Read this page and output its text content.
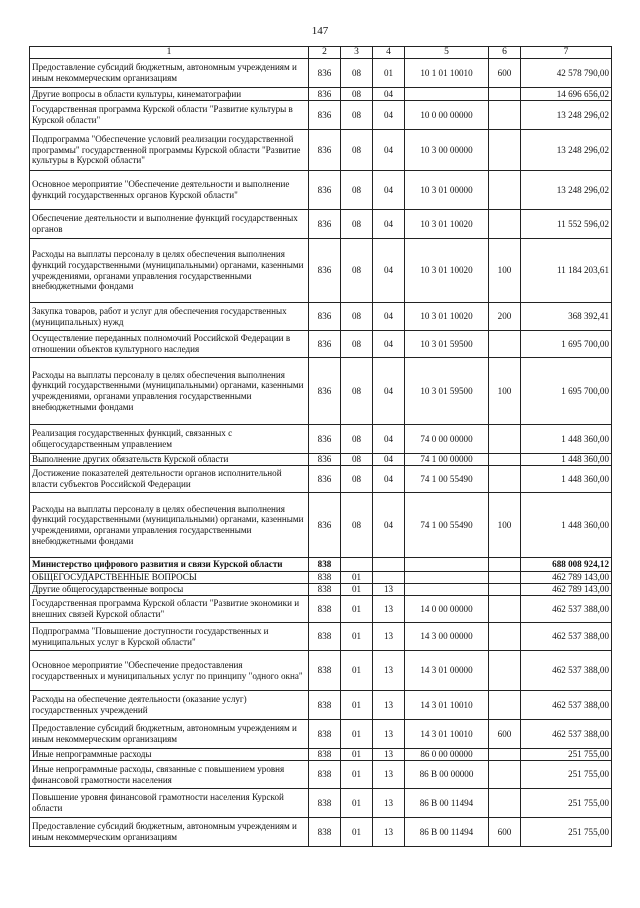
147
1	2	3	4	5	6	7
Предоставление субсидий бюджетным, автономным учреждениям и иным некоммерческим организациям	836	08	01	10 1 01 10010	600	42 578 790,00
Другие вопросы в области культуры, кинематографии	836	08	04			14 696 656,02
Государственная программа Курской области "Развитие культуры в Курской области"	836	08	04	10 0 00 00000		13 248 296,02
Подпрограмма "Обеспечение условий реализации государственной программы" государственной программы Курской области "Развитие культуры в Курской области"	836	08	04	10 3 00 00000		13 248 296,02
Основное мероприятие "Обеспечение деятельности и выполнение функций государственных органов Курской области"	836	08	04	10 3 01 00000		13 248 296,02
Обеспечение деятельности и выполнение функций государственных органов	836	08	04	10 3 01 10020		11 552 596,02
Расходы на выплаты персоналу в целях обеспечения выполнения функций государственными (муниципальными) органами, казенными учреждениями, органами управления государственными внебюджетными фондами	836	08	04	10 3 01 10020	100	11 184 203,61
Закупка товаров, работ и услуг для обеспечения государственных (муниципальных) нужд	836	08	04	10 3 01 10020	200	368 392,41
Осуществление переданных полномочий Российской Федерации в отношении объектов культурного наследия	836	08	04	10 3 01 59500		1 695 700,00
Расходы на выплаты персоналу в целях обеспечения выполнения функций государственными (муниципальными) органами, казенными учреждениями, органами управления государственными внебюджетными фондами	836	08	04	10 3 01 59500	100	1 695 700,00
Реализация государственных функций, связанных с общегосударственным управлением	836	08	04	74 0 00 00000		1 448 360,00
Выполнение других обязательств Курской области	836	08	04	74 1 00 00000		1 448 360,00
Достижение показателей деятельности органов исполнительной власти субъектов Российской Федерации	836	08	04	74 1 00 55490		1 448 360,00
Расходы на выплаты персоналу в целях обеспечения выполнения функций государственными (муниципальными) органами, казенными учреждениями, органами управления государственными внебюджетными фондами	836	08	04	74 1 00 55490	100	1 448 360,00
Министерство цифрового развития и связи Курской области	838					688 008 924,12
ОБЩЕГОСУДАРСТВЕННЫЕ ВОПРОСЫ	838	01				462 789 143,00
Другие общегосударственные вопросы	838	01	13			462 789 143,00
Государственная программа Курской области "Развитие экономики и внешних связей Курской области"	838	01	13	14 0 00 00000		462 537 388,00
Подпрограмма "Повышение доступности государственных и муниципальных услуг в Курской области"	838	01	13	14 3 00 00000		462 537 388,00
Основное мероприятие "Обеспечение предоставления государственных и муниципальных услуг по принципу "одного окна"	838	01	13	14 3 01 00000		462 537 388,00
Расходы на обеспечение деятельности (оказание услуг) государственных учреждений	838	01	13	14 3 01 10010		462 537 388,00
Предоставление субсидий бюджетным, автономным учреждениям и иным некоммерческим организациям	838	01	13	14 3 01 10010	600	462 537 388,00
Иные непрограммные расходы	838	01	13	86 0 00 00000		251 755,00
Иные непрограммные расходы, связанные с повышением уровня финансовой грамотности населения	838	01	13	86 В 00 00000		251 755,00
Повышение уровня финансовой грамотности населения Курской области	838	01	13	86 В 00 11494		251 755,00
Предоставление субсидий бюджетным, автономным учреждениям и иным некоммерческим организациям	838	01	13	86 В 00 11494	600	251 755,00
